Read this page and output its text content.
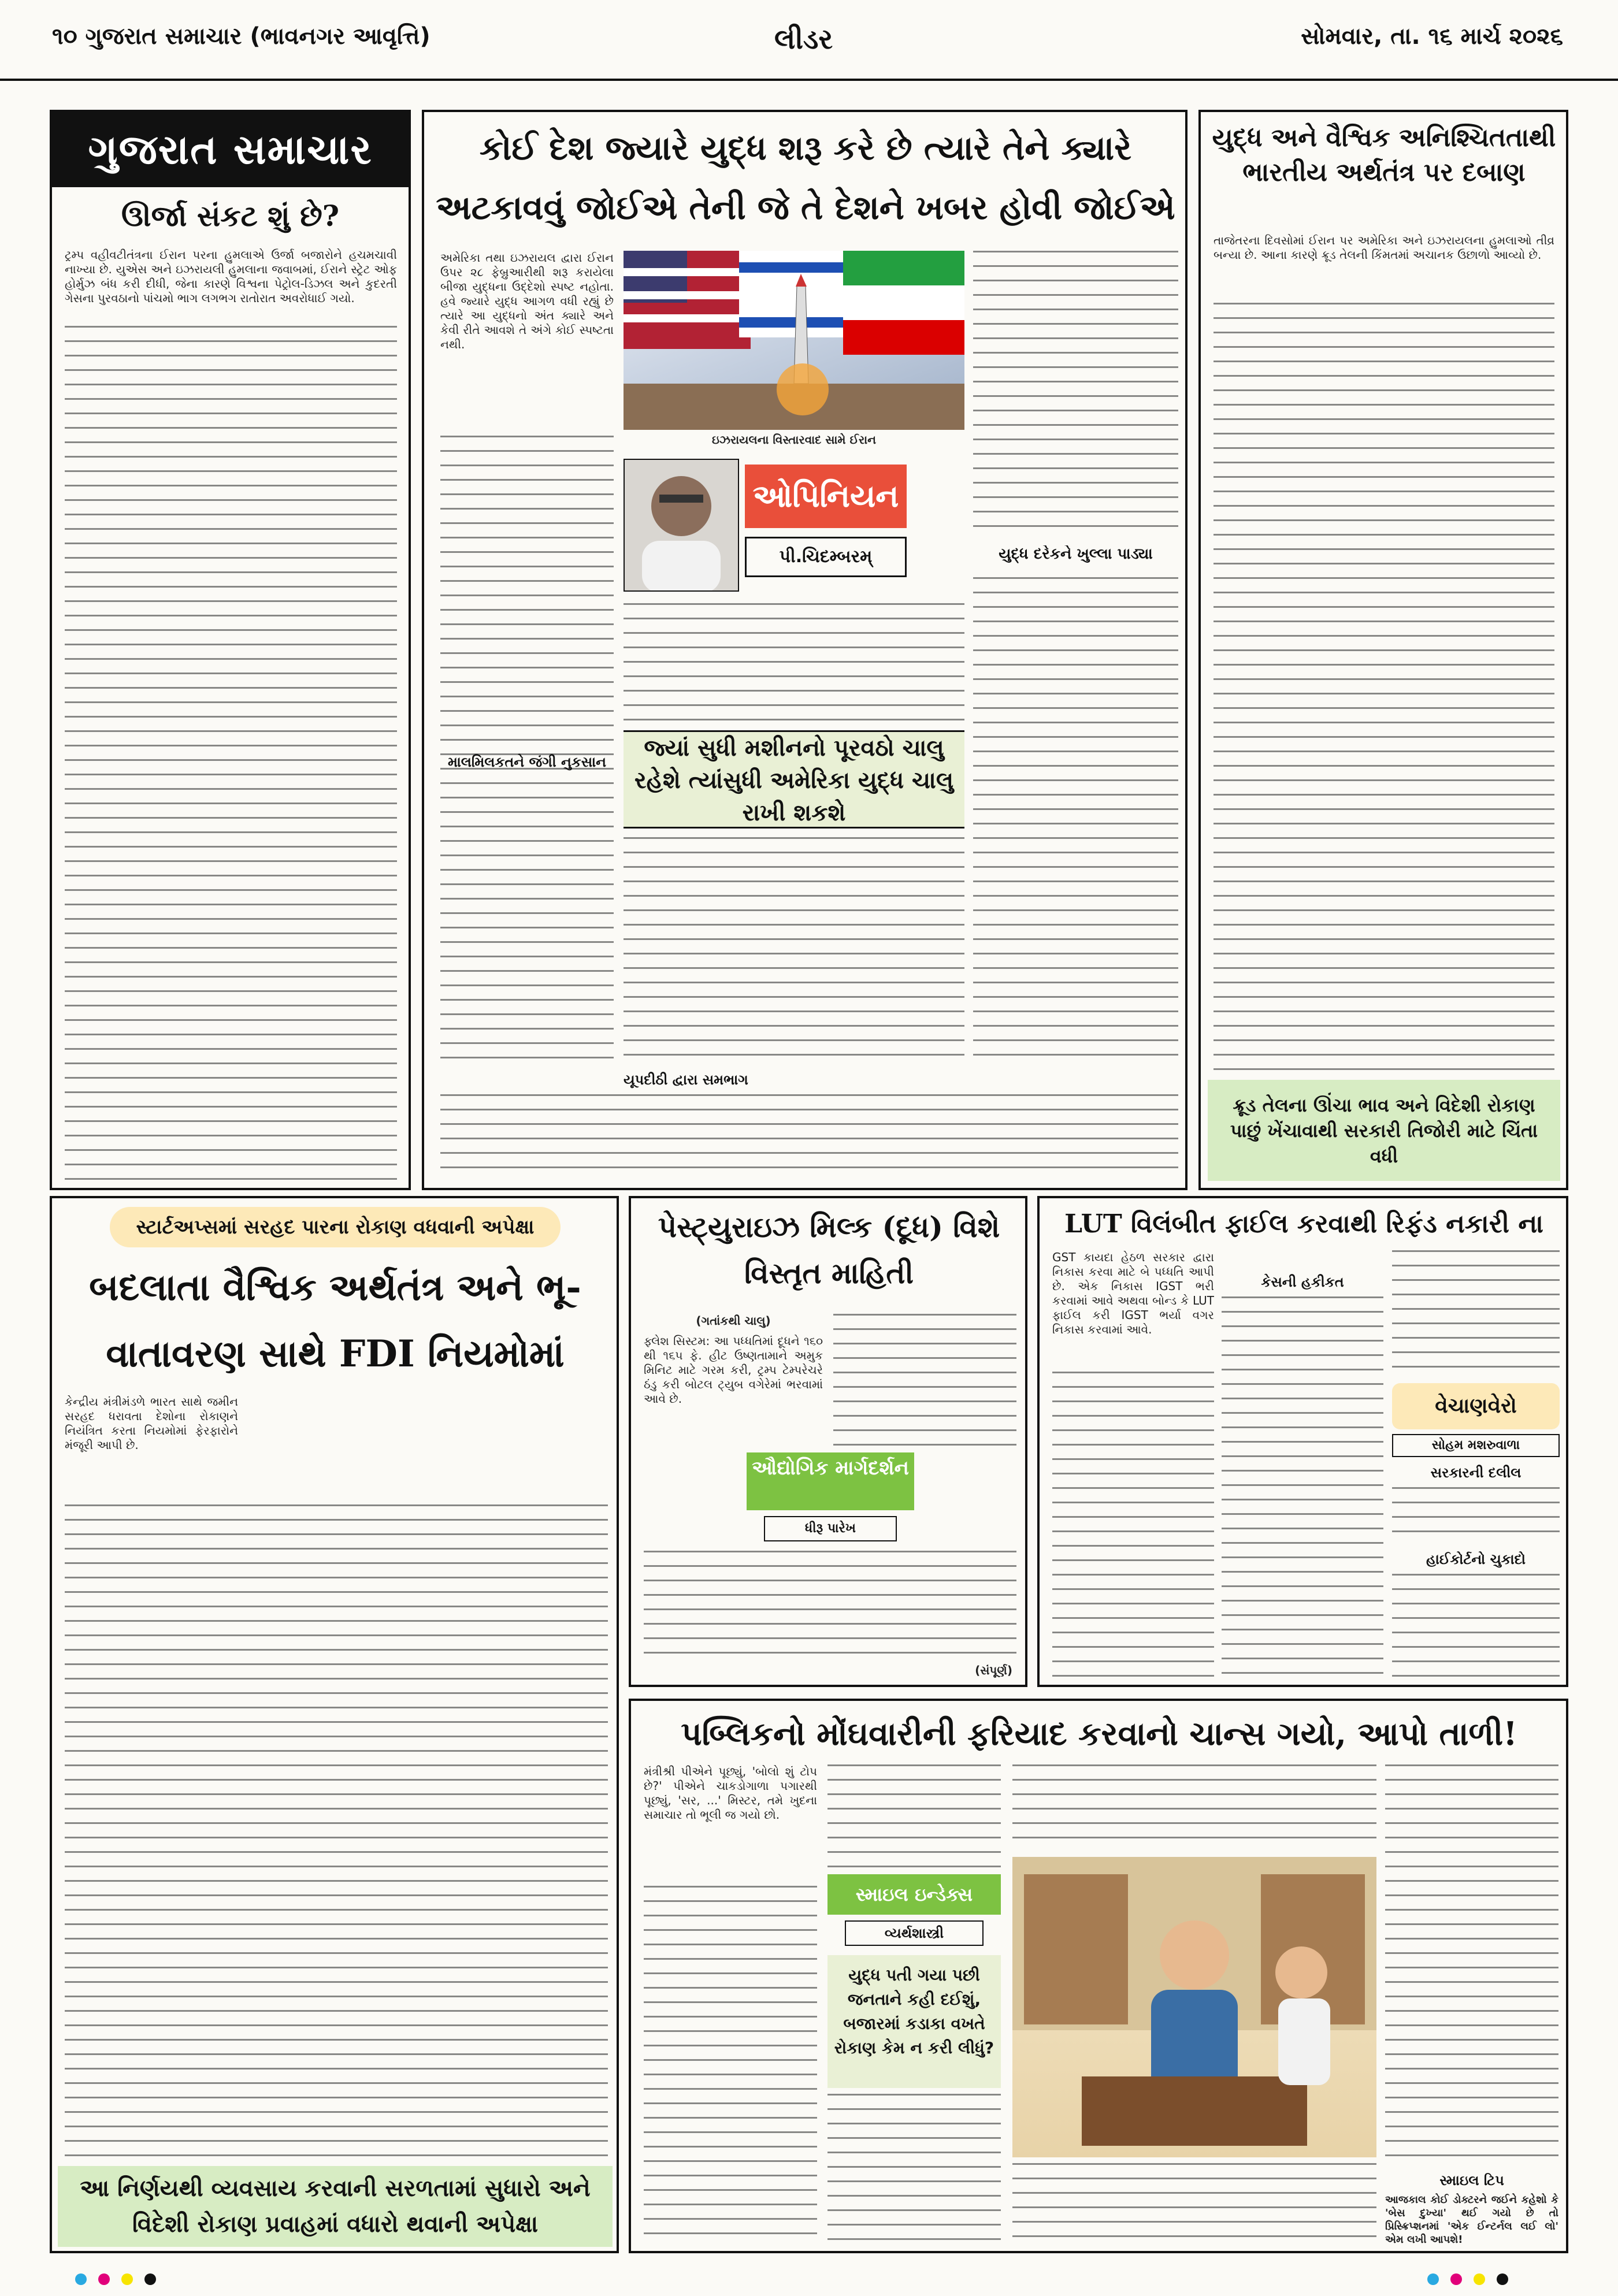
૧૦ ગુજરાત સમાચાર (ભાવનગર આવૃત્તિ)	લીડર	સોમવાર, તા. ૧૬ માર્ચ ૨૦૨૬
ગુજરાત સમાચાર
ઊર્જા સંકટ શું છે?
ટ્રમ્પ વહીવટીતંત્રના ઈરાન પરના હુમલાએ ઉર્જા બજારોને હચમચાવી નાખ્યા છે. યુએસ અને ઇઝરાયલી હુમલાના જવાબમાં, ઈરાને સ્ટ્રેટ ઓફ હોર્મુઝ બંધ કરી દીધી, જેના કારણે વિશ્વના પેટ્રોલ-ડિઝલ અને કુદરતી ગેસના પુરવઠાનો પાંચમો ભાગ લગભગ રાતોરાત અવરોધાઈ ગયો.
કોઈ દેશ જ્યારે યુદ્ધ શરૂ કરે છે ત્યારે તેને ક્યારે
અટકાવવું જોઈએ તેની જે તે દેશને ખબર હોવી જોઈએ
અમેરિકા તથા ઇઝરાયલ દ્વારા ઈરાન ઉપર ૨૮ ફેબ્રુઆરીથી શરૂ કરાયેલા બીજા યુદ્ધના ઉદ્દેશો સ્પષ્ટ નહોતા. હવે જ્યારે યુદ્ધ આગળ વધી રહ્યું છે ત્યારે આ યુદ્ધનો અંત ક્યારે અને કેવી રીતે આવશે તે અંગે કોઈ સ્પષ્ટતા નથી.
ઇઝરાયલના વિસ્તારવાદ સામે ઈરાન
માલમિલકતને જંગી નુકસાન
ઓપિનિયન
પી.ચિદમ્બરમ્
જ્યાં સુધી મશીનનો પૂરવઠો ચાલુ રહેશે ત્યાંસુધી અમેરિકા યુદ્ધ ચાલુ રાખી શકશે
યુદ્ધ દરેકને ખુલ્લા પાડ્યા
યૂપદીઠી દ્વારા સમભાગ
યુદ્ધ અને વૈશ્વિક અનિશ્ચિતતાથી ભારતીય અર્થતંત્ર પર દબાણ
તાજેતરના દિવસોમાં ઈરાન પર અમેરિકા અને ઇઝરાયલના હુમલાઓ તીવ્ર બન્યા છે. આના કારણે ક્રૂડ તેલની કિંમતમાં અચાનક ઉછાળો આવ્યો છે.
ક્રૂડ તેલના ઊંચા ભાવ અને વિદેશી રોકાણ પાછું ખેંચાવાથી સરકારી તિજોરી માટે ચિંતા વધી
સ્ટાર્ટઅપ્સમાં સરહદ પારના રોકાણ વધવાની અપેક્ષા
બદલાતા વૈશ્વિક અર્થતંત્ર અને ભૂ-
વાતાવરણ સાથે FDI નિયમોમાં
કેન્દ્રીય મંત્રીમંડળે ભારત સાથે જમીન સરહદ ધરાવતા દેશોના રોકાણને નિયંત્રિત કરતા નિયમોમાં ફેરફારોને મંજૂરી આપી છે.
આ નિર્ણયથી વ્યવસાય કરવાની સરળતામાં સુધારો અને વિદેશી રોકાણ પ્રવાહમાં વધારો થવાની અપેક્ષા
પેસ્ટ્યુરાઇઝ મિલ્ક (દૂધ) વિશે વિસ્તૃત માહિતી
(ગતાંકથી ચાલુ)
ફ્લેશ સિસ્ટમ: આ પધ્ધતિમાં દૂધને ૧૬૦ થી ૧૬૫ ફે. હીટ ઉષ્ણતામાને અમુક મિનિટ માટે ગરમ કરી, ટ્રમ્પ ટેમ્પરેચરે ઠંડુ કરી બોટલ ટ્યુબ વગેરેમાં ભરવામાં આવે છે.
ઔદ્યોગિક માર્ગદર્શન
ધીરૂ પારેખ
(સંપૂર્ણ)
LUT વિલંબીત ફાઈલ કરવાથી રિફંડ નકારી ના
GST કાયદા હેઠળ સરકાર દ્વારા નિકાસ કરવા માટે બે પધ્ધતિ આપી છે. એક નિકાસ IGST ભરી કરવામાં આવે અથવા બોન્ડ કે LUT ફાઈલ કરી IGST ભર્યા વગર નિકાસ કરવામાં આવે.
કેસની હકીકત
વેચાણવેરો
સોહમ મશરુવાળા
સરકારની દલીલ
હાઈકોર્ટનો ચુકાદો
પબ્લિકનો મોંઘવારીની ફરિયાદ કરવાનો ચાન્સ ગયો, આપો તાળી!
મંત્રીશ્રી પીએને પૂછ્યું, 'બોલો શું ટોપ છે?' પીએને ચાકડોગાળા પગારથી પૂછ્યું, 'સર, ...' મિસ્ટર, તમે ખુદના સમાચાર તો ભૂલી જ ગયો છો.
સ્માઇલ ઇન્ડેક્સ
વ્યર્થશાસ્ત્રી
યુદ્ધ પતી ગયા પછી જનતાને કહી દઈશું, બજારમાં કડાકા વખતે રોકાણ કેમ ન કરી લીધું?
સ્માઇલ ટિપ
આજકાલ કોઈ ડોક્ટરને જઈને કહેશો કે 'બેસ દુખ્યા' થઈ ગયો છે તો પ્રિસ્ક્રિપ્શનમાં 'એક ઈન્ટર્નલ લઈ લો' એમ લખી આપશે!
